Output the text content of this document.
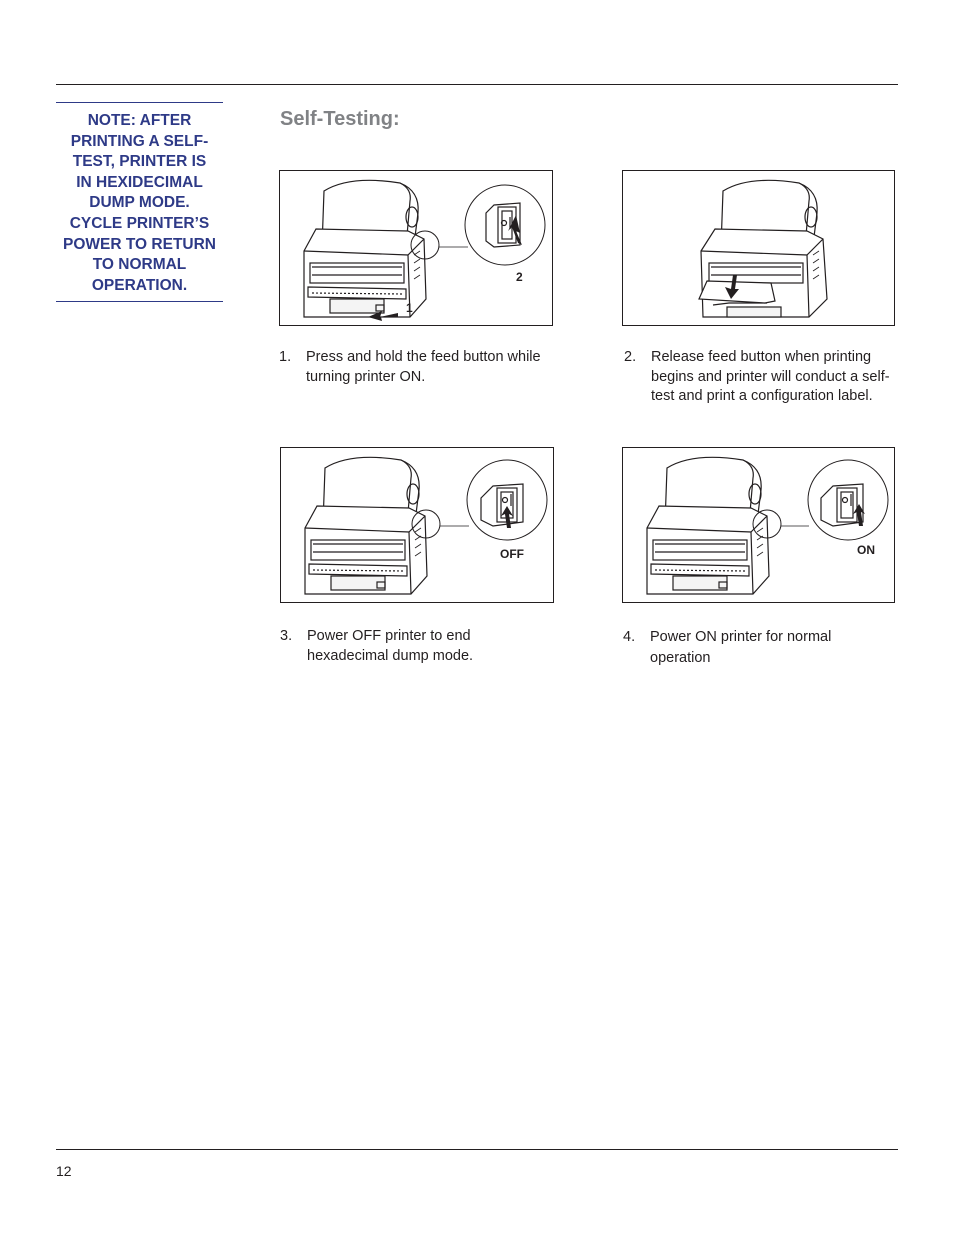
NOTE: AFTER
PRINTING A SELF-
TEST, PRINTER IS
IN HEXIDECIMAL
DUMP MODE.
CYCLE PRINTER’S
POWER TO RETURN
TO NORMAL
OPERATION.

Self-Testing:
2
1
1. Press and hold the feed button while
turning printer ON.
2. Release feed button when printing
begins and printer will conduct a self-
test and print a configuration label.
OFF	ON
3. Power OFF printer to end
hexadecimal dump mode.
4. Power ON printer for normal
operation
12
